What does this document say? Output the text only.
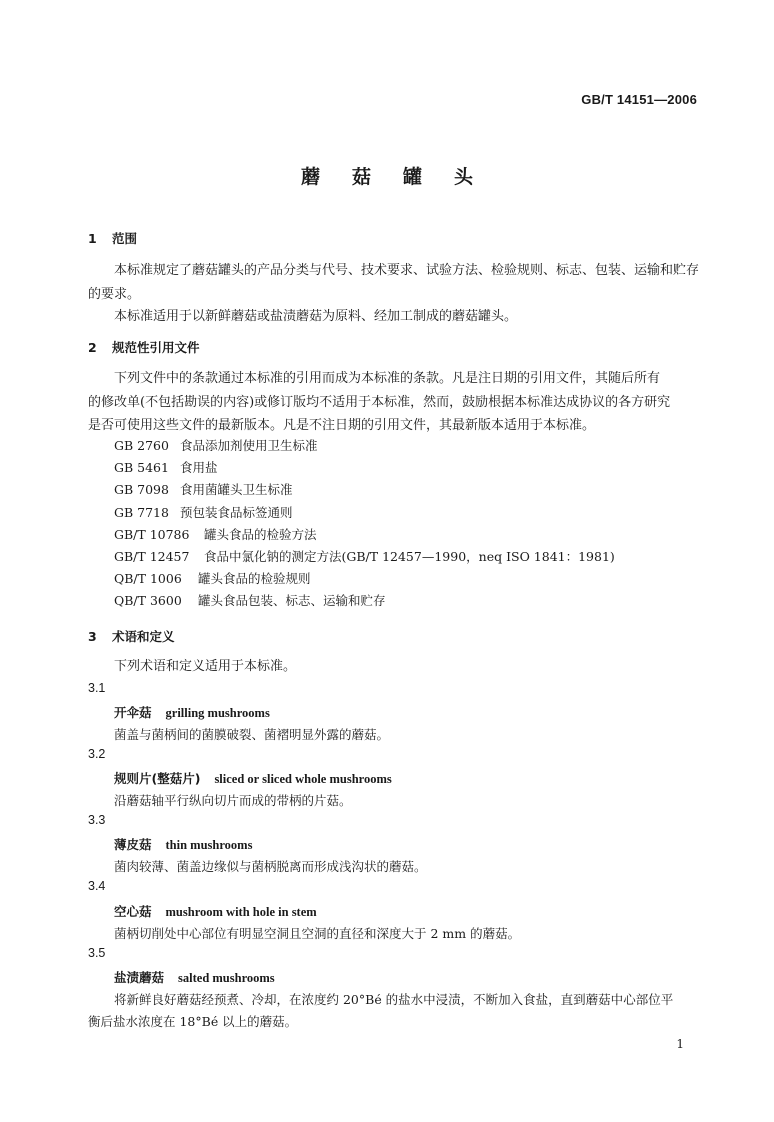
GB/T 14151—2006
蘑菇罐头
1 范围

本标准规定了蘑菇罐头的产品分类与代号、技术要求、试验方法、检验规则、标志、包装、运输和贮存

的要求。

本标准适用于以新鲜蘑菇或盐渍蘑菇为原料、经加工制成的蘑菇罐头。

2 规范性引用文件

下列文件中的条款通过本标准的引用而成为本标准的条款。凡是注日期的引用文件，其随后所有

的修改单(不包括勘误的内容)或修订版均不适用于本标准，然而，鼓励根据本标准达成协议的各方研究

是否可使用这些文件的最新版本。凡是不注日期的引用文件，其最新版本适用于本标准。

GB 2760 食品添加剂使用卫生标准
GB 5461 食用盐
GB 7098 食用菌罐头卫生标准
GB 7718 预包装食品标签通则
GB/T 10786 罐头食品的检验方法
GB/T 12457 食品中氯化钠的测定方法(GB/T 12457—1990，neq ISO 1841：1981)
QB/T 1006 罐头食品的检验规则
QB/T 3600 罐头食品包装、标志、运输和贮存
3 术语和定义

下列术语和定义适用于本标准。

3.1
开伞菇 grilling mushrooms
菌盖与菌柄间的菌膜破裂、菌褶明显外露的蘑菇。
3.2
规则片(整菇片) sliced or sliced whole mushrooms
沿蘑菇轴平行纵向切片而成的带柄的片菇。
3.3
薄皮菇 thin mushrooms
菌肉较薄、菌盖边缘似与菌柄脱离而形成浅沟状的蘑菇。
3.4
空心菇 mushroom with hole in stem
菌柄切削处中心部位有明显空洞且空洞的直径和深度大于 2 mm 的蘑菇。
3.5
盐渍蘑菇 salted mushrooms
将新鲜良好蘑菇经预煮、冷却，在浓度约 20°Bé 的盐水中浸渍，不断加入食盐，直到蘑菇中心部位平
衡后盐水浓度在 18°Bé 以上的蘑菇。
1
